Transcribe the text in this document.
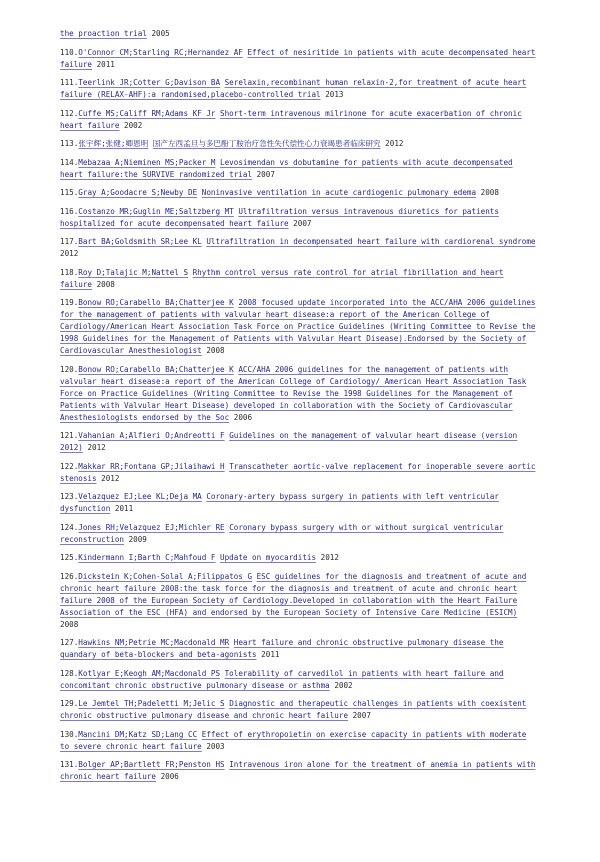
the proaction trial 2005
110.O'Connor CM;Starling RC;Hernandez AF Effect of nesiritide in patients with acute decompensated heart failure 2011
111.Teerlink JR;Cotter G;Davison BA Serelaxin,recombinant human relaxin-2,for treatment of acute heart failure (RELAX-AHF):a randomised,placebo-controlled trial 2013
112.Cuffe MS;Califf RM;Adams KF Jr Short-term intravenous milrinone for acute exacerbation of chronic heart failure 2002
113.张宇辉;张健;卿恩明 国产左西孟旦与多巴酚丁胺治疗急性失代偿性心力衰竭患者临床研究 2012
114.Mebazaa A;Nieminen MS;Packer M Levosimendan vs dobutamine for patients with acute decompensated heart failure:the SURVIVE randomized trial 2007
115.Gray A;Goodacre S;Newby DE Noninvasive ventilation in acute cardiogenic pulmonary edema 2008
116.Costanzo MR;Guglin ME;Saltzberg MT Ultrafiltration versus intravenous diuretics for patients hospitalized for acute decompensated heart failure 2007
117.Bart BA;Goldsmith SR;Lee KL Ultrafiltration in decompensated heart failure with cardiorenal syndrome 2012
118.Roy D;Talajic M;Nattel S Rhythm control versus rate control for atrial fibrillation and heart failure 2008
119.Bonow RO;Carabello BA;Chatterjee K 2008 focused update incorporated into the ACC/AHA 2006 guidelines for the management of patients with valvular heart disease:a report of the American College of Cardiology/American Heart Association Task Force on Practice Guidelines (Writing Committee to Revise the 1998 Guidelines for the Management of Patients with Valvular Heart Disease).Endorsed by the Society of Cardiovascular Anesthesiologist 2008
120.Bonow RO;Carabello BA;Chatterjee K ACC/AHA 2006 guidelines for the management of patients with valvular heart disease:a report of the American College of Cardiology/ American Heart Association Task Force on Practice Guidelines (Writing Committee to Revise the 1998 Guidelines for the Management of Patients with Valvular Heart Disease) developed in collaboration with the Society of Cardiovascular Anesthesiologists endorsed by the Soc 2006
121.Vahanian A;Alfieri O;Andreotti F Guidelines on the management of valvular heart disease (version 2012) 2012
122.Makkar RR;Fontana GP;Jilaihawi H Transcatheter aortic-valve replacement for inoperable severe aortic stenosis 2012
123.Velazquez EJ;Lee KL;Deja MA Coronary-artery bypass surgery in patients with left ventricular dysfunction 2011
124.Jones RH;Velazquez EJ;Michler RE Coronary bypass surgery with or without surgical ventricular reconstruction 2009
125.Kindermann I;Barth C;Mahfoud F Update on myocarditis 2012
126.Dickstein K;Cohen-Solal A;Filippatos G ESC guidelines for the diagnosis and treatment of acute and chronic heart failure 2008:the task force for the diagnosis and treatment of acute and chronic heart failure 2008 of the European Society of Cardiology.Developed in collaboration with the Heart Failure Association of the ESC (HFA) and endorsed by the European Society of Intensive Care Medicine (ESICM) 2008
127.Hawkins NM;Petrie MC;Macdonald MR Heart failure and chronic obstructive pulmonary disease the quandary of beta-blockers and beta-agonists 2011
128.Kotlyar E;Keogh AM;Macdonald PS Tolerability of carvedilol in patients with heart failure and concomitant chronic obstructive pulmonary disease or asthma 2002
129.Le Jemtel TH;Padeletti M;Jelic S Diagnostic and therapeutic challenges in patients with coexistent chronic obstructive pulmonary disease and chronic heart failure 2007
130.Mancini DM;Katz SD;Lang CC Effect of erythropoietin on exercise capacity in patients with moderate to severe chronic heart failure 2003
131.Bolger AP;Bartlett FR;Penston HS Intravenous iron alone for the treatment of anemia in patients with chronic heart failure 2006
